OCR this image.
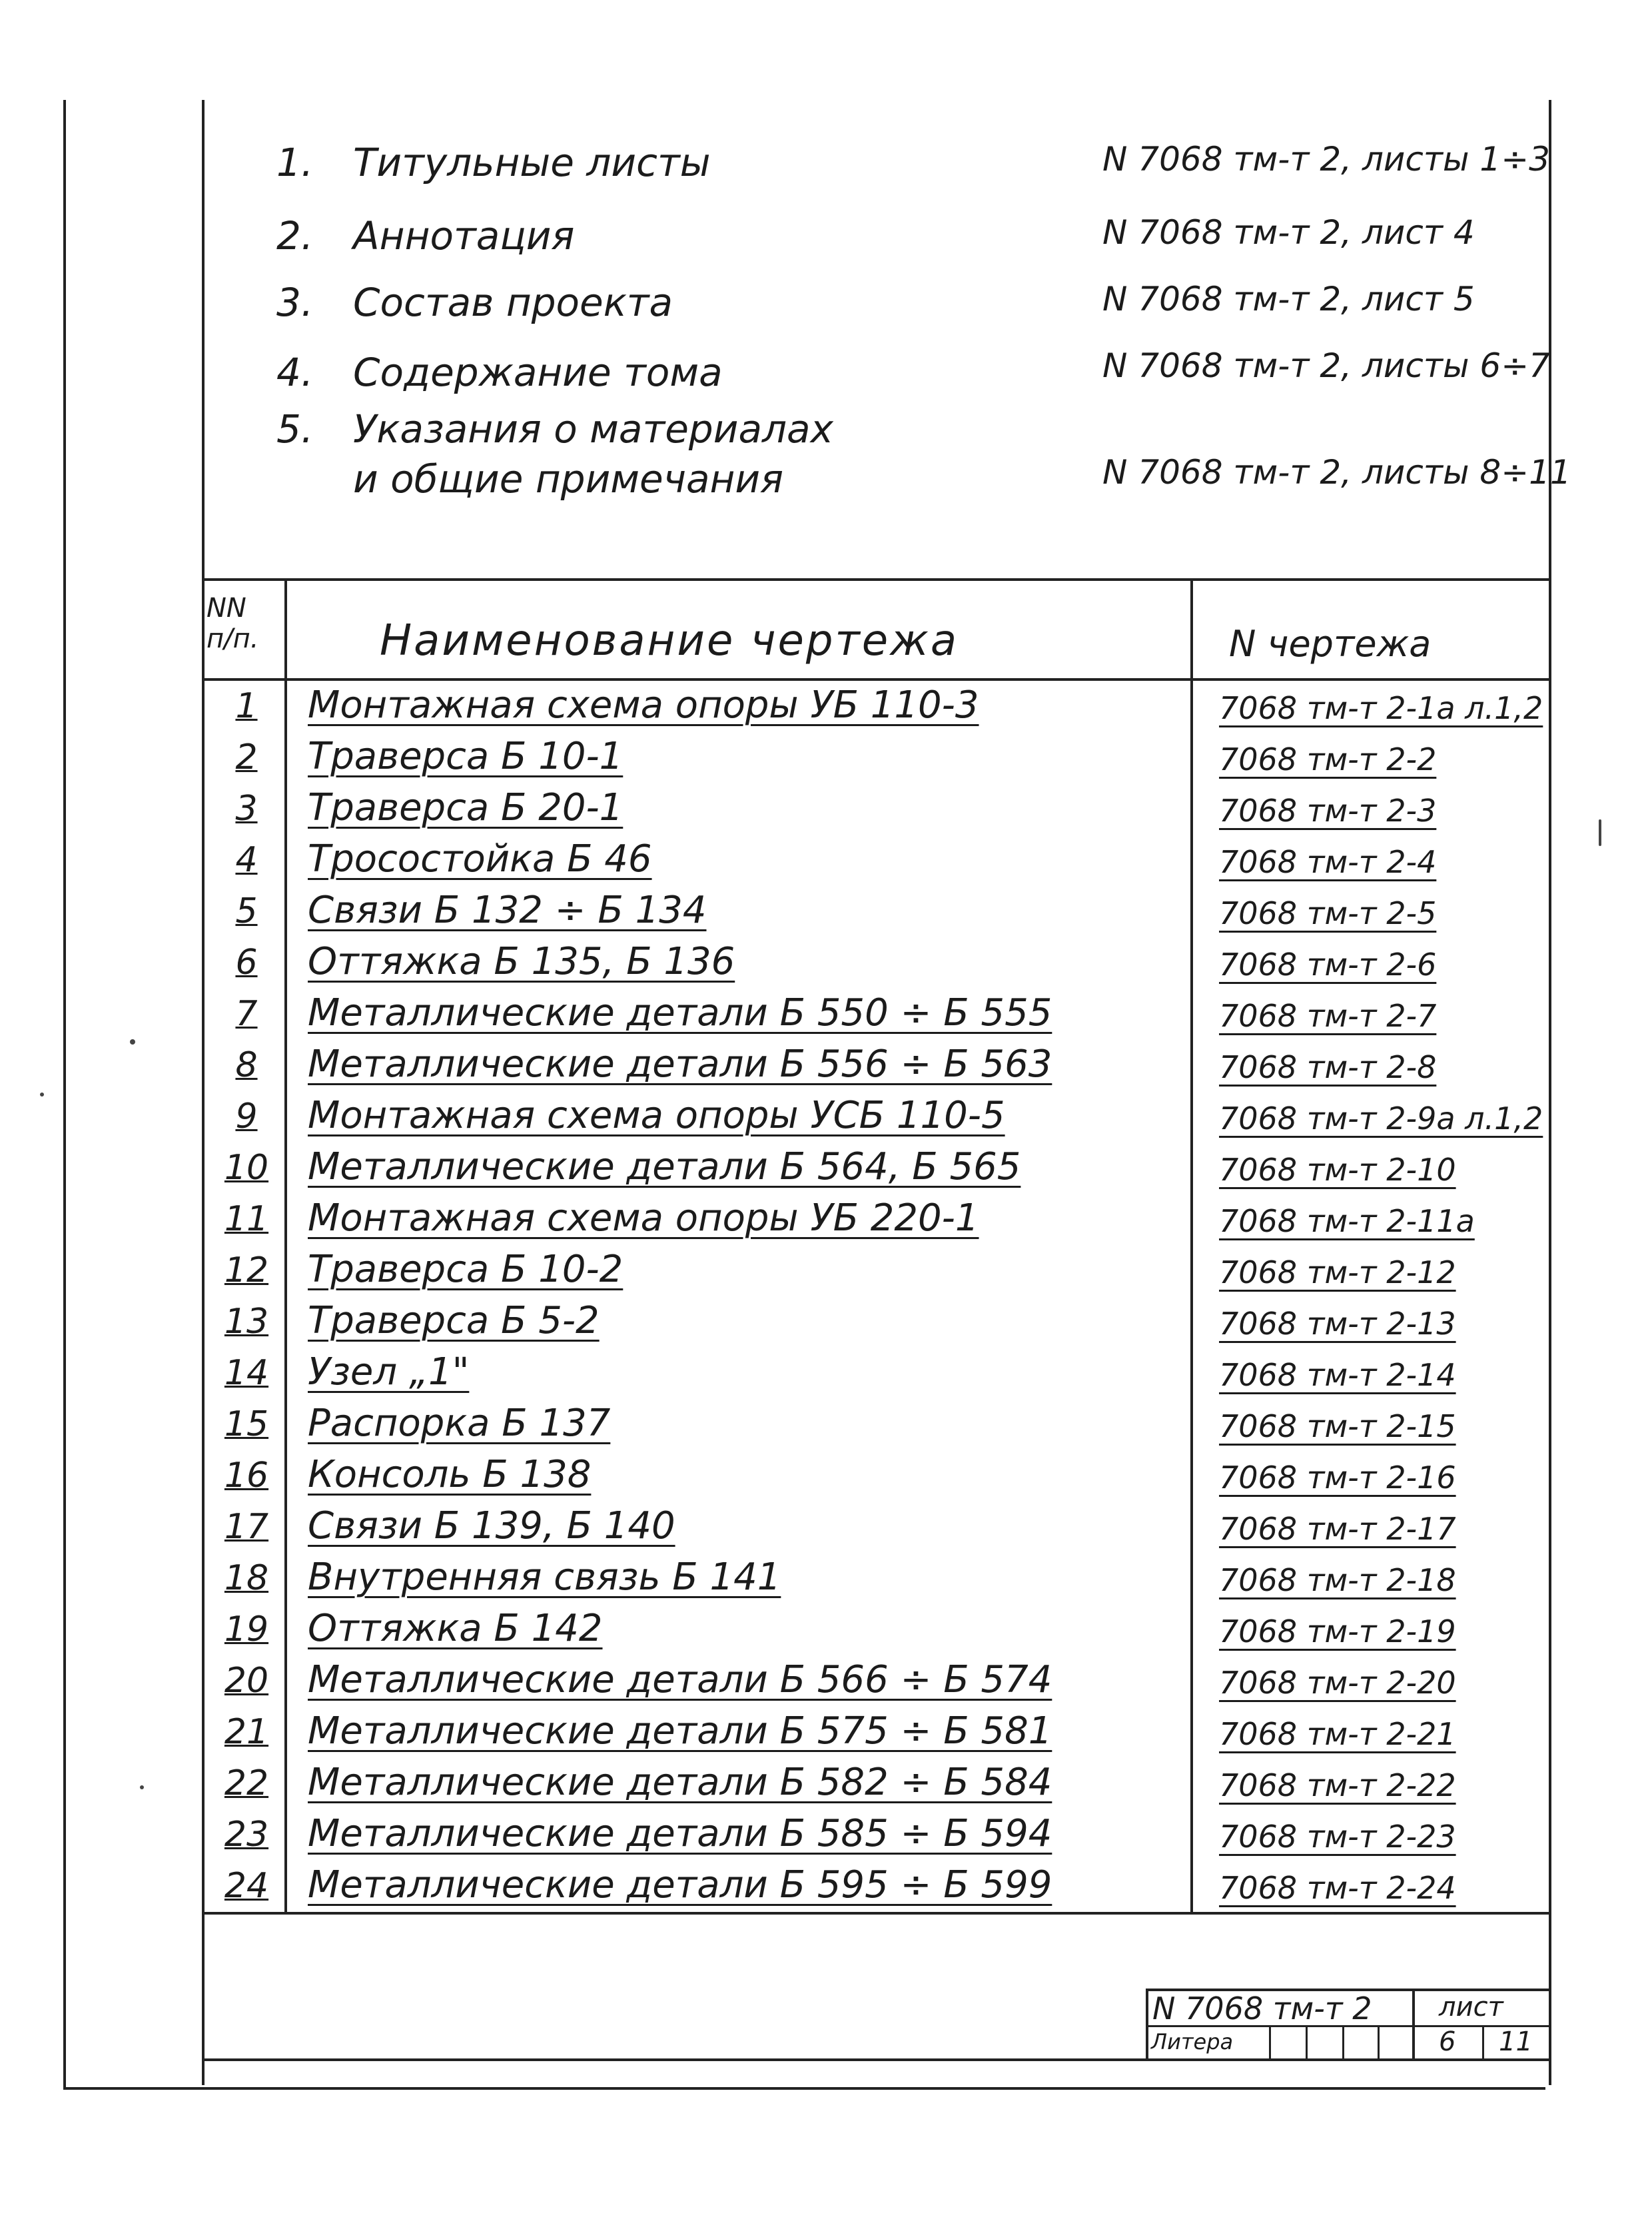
1. Титульные листы	N 7068 тм-т 2, листы 1÷3
2. Аннотация	N 7068 тм-т 2, лист 4
3. Состав проекта	N 7068 тм-т 2, лист 5
4. Содержание тома	N 7068 тм-т 2, листы 6÷7
5. Указания о материалах
и общие примечания	N 7068 тм-т 2, листы 8÷11
NN п/п.	Наименование чертежа	N чертежа
1	Монтажная схема опоры УБ 110-3	7068 тм-т 2-1а л.1,2
2	Траверса Б 10-1	7068 тм-т 2-2
3	Траверса Б 20-1	7068 тм-т 2-3
4	Тросостойка Б 46	7068 тм-т 2-4
5	Связи Б 132 ÷ Б 134	7068 тм-т 2-5
6	Оттяжка Б 135, Б 136	7068 тм-т 2-6
7	Металлические детали Б 550 ÷ Б 555	7068 тм-т 2-7
8	Металлические детали Б 556 ÷ Б 563	7068 тм-т 2-8
9	Монтажная схема опоры УСБ 110-5	7068 тм-т 2-9а л.1,2
10	Металлические детали Б 564, Б 565	7068 тм-т 2-10
11	Монтажная схема опоры УБ 220-1	7068 тм-т 2-11а
12	Траверса Б 10-2	7068 тм-т 2-12
13	Траверса Б 5-2	7068 тм-т 2-13
14	Узел „1"	7068 тм-т 2-14
15	Распорка Б 137	7068 тм-т 2-15
16	Консоль Б 138	7068 тм-т 2-16
17	Связи Б 139, Б 140	7068 тм-т 2-17
18	Внутренняя связь Б 141	7068 тм-т 2-18
19	Оттяжка Б 142	7068 тм-т 2-19
20	Металлические детали Б 566 ÷ Б 574	7068 тм-т 2-20
21	Металлические детали Б 575 ÷ Б 581	7068 тм-т 2-21
22	Металлические детали Б 582 ÷ Б 584	7068 тм-т 2-22
23	Металлические детали Б 585 ÷ Б 594	7068 тм-т 2-23
24	Металлические детали Б 595 ÷ Б 599	7068 тм-т 2-24
N 7068 тм-т 2	лист
Литера	6 11
